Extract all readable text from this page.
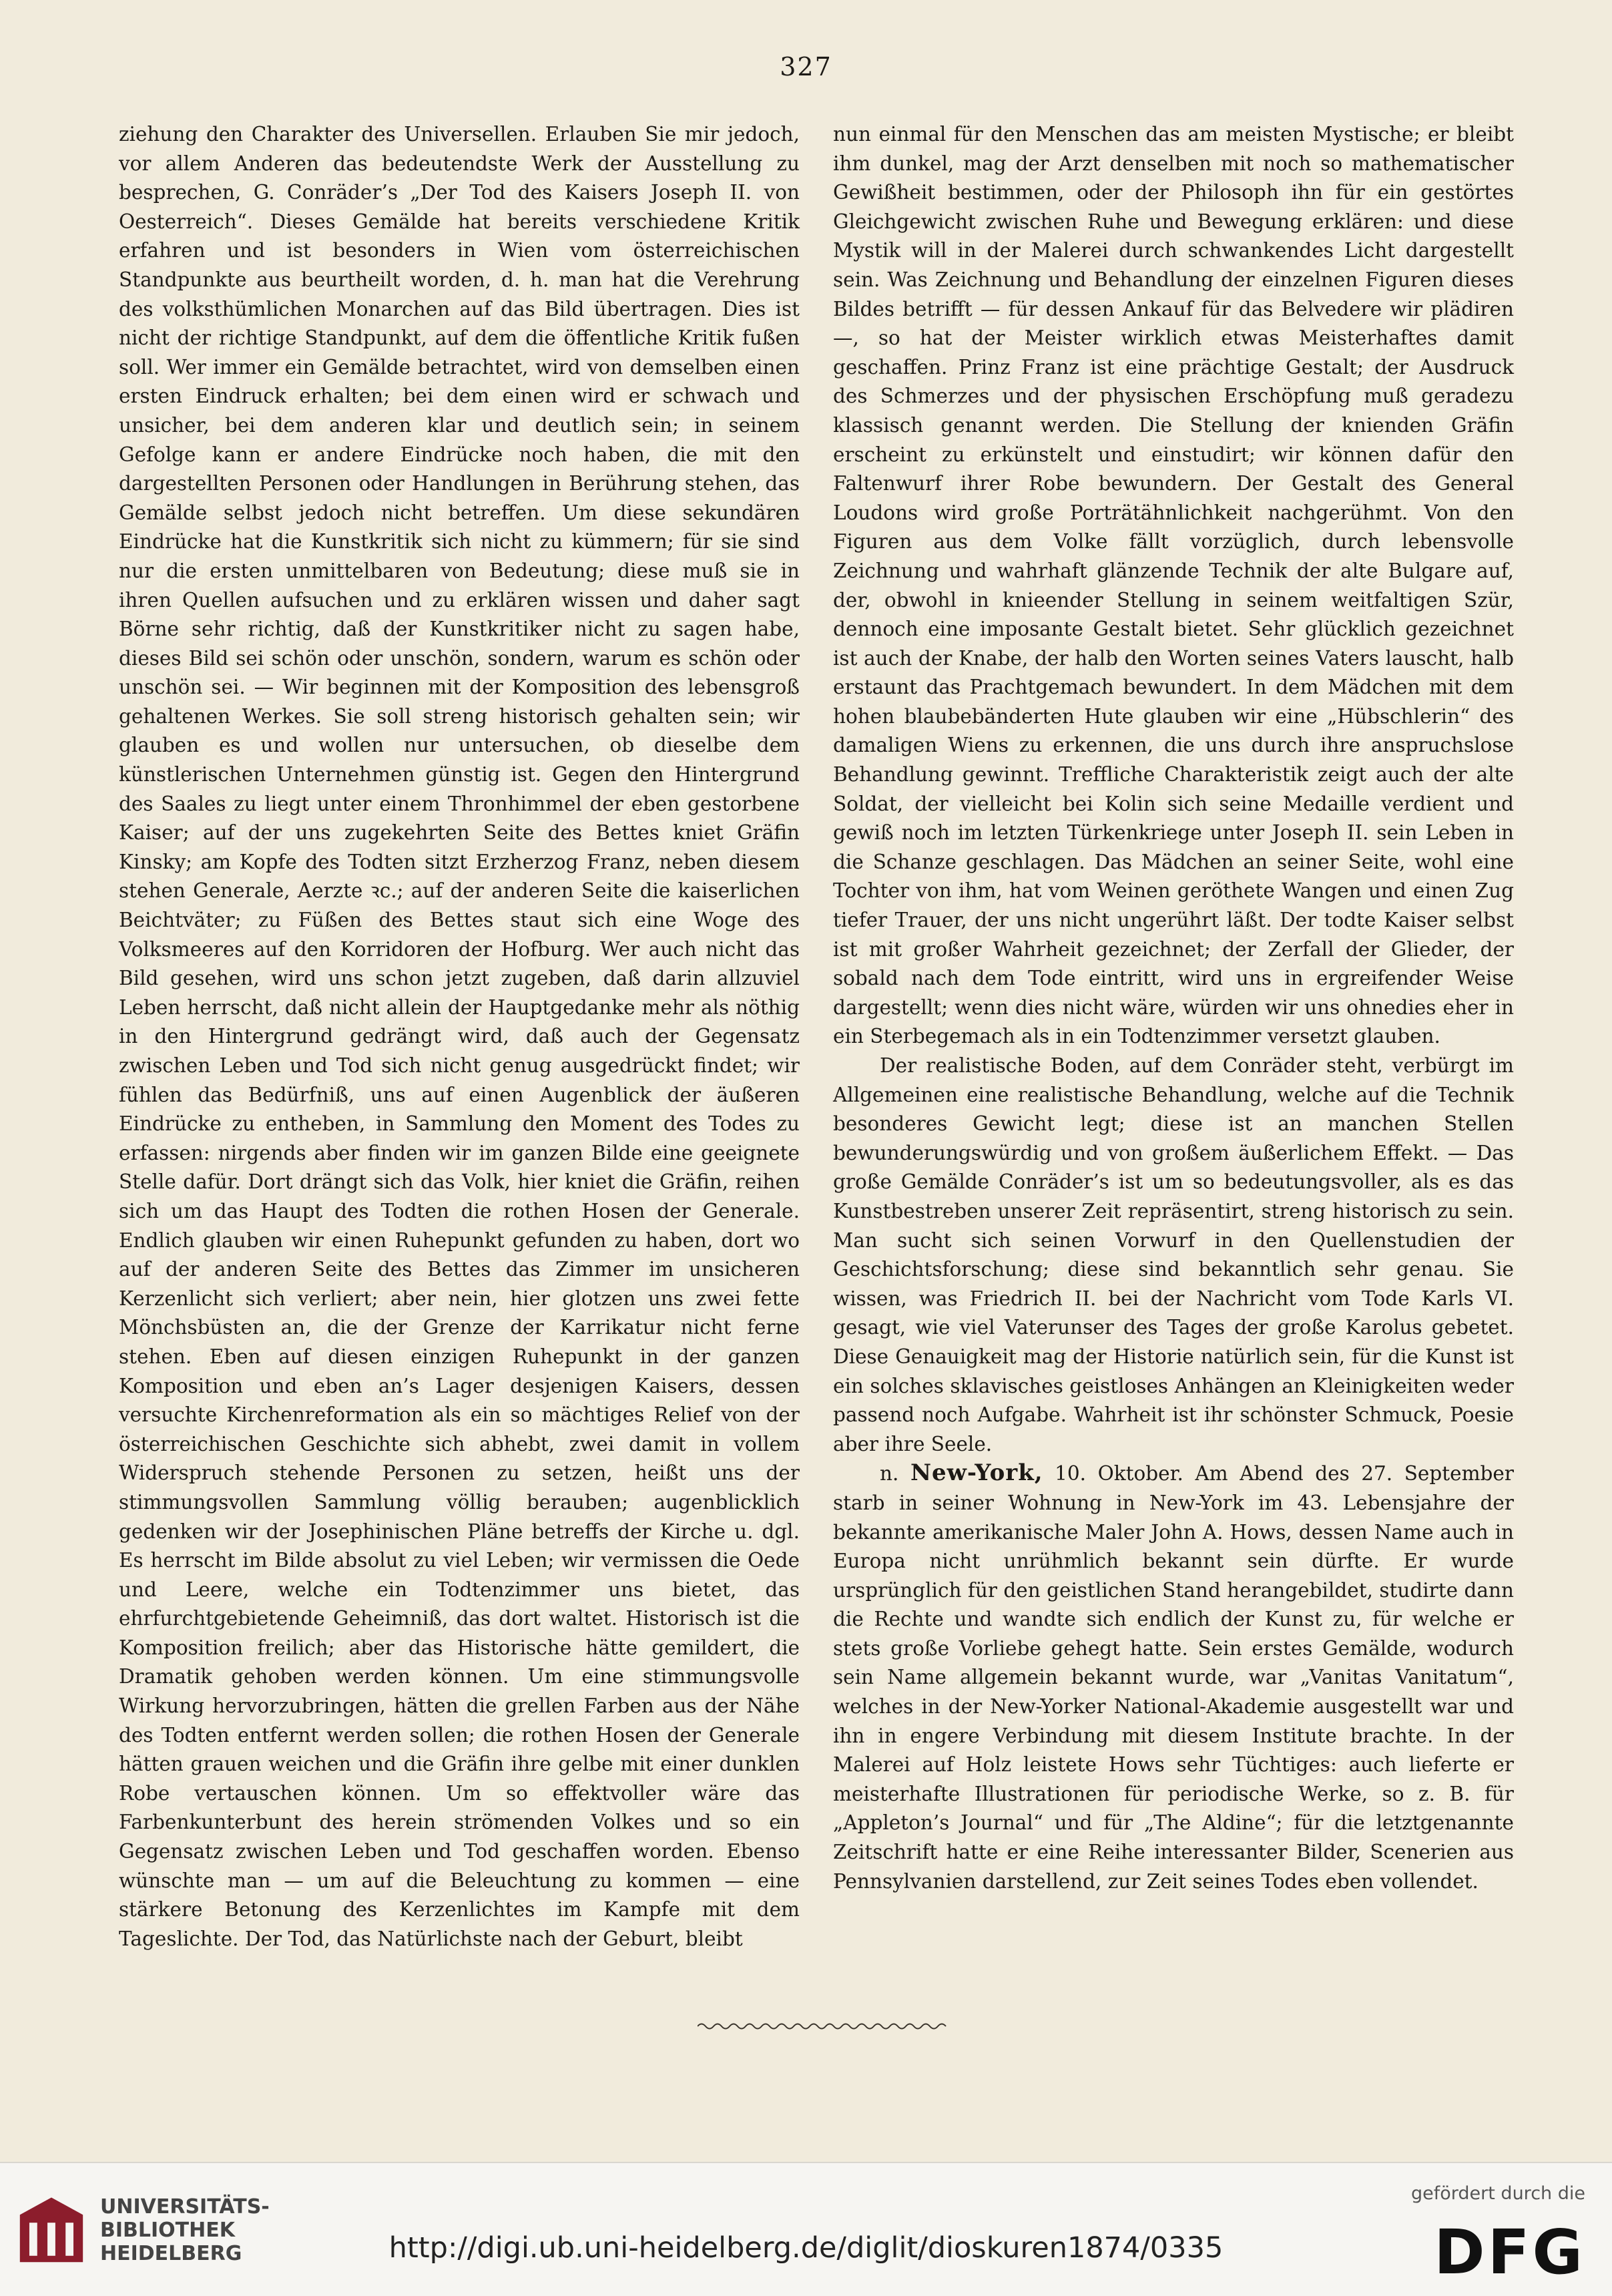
327

ziehung den Charakter des Universellen. Erlauben Sie mir jedoch, vor allem Anderen das bedeutendste Werk der Ausstellung zu besprechen, G. Conräder’s „Der Tod des Kaisers Joseph II. von Oesterreich“. Dieses Gemälde hat bereits verschiedene Kritik erfahren und ist besonders in Wien vom österreichischen Standpunkte aus beurtheilt worden, d. h. man hat die Verehrung des volksthümlichen Monarchen auf das Bild übertragen. Dies ist nicht der richtige Standpunkt, auf dem die öffentliche Kritik fußen soll. Wer immer ein Gemälde betrachtet, wird von demselben einen ersten Eindruck erhalten; bei dem einen wird er schwach und unsicher, bei dem anderen klar und deutlich sein; in seinem Gefolge kann er andere Eindrücke noch haben, die mit den dargestellten Personen oder Handlungen in Berührung stehen, das Gemälde selbst jedoch nicht betreffen. Um diese sekundären Eindrücke hat die Kunstkritik sich nicht zu kümmern; für sie sind nur die ersten unmittelbaren von Bedeutung; diese muß sie in ihren Quellen aufsuchen und zu erklären wissen und daher sagt Börne sehr richtig, daß der Kunstkritiker nicht zu sagen habe, dieses Bild sei schön oder unschön, sondern, warum es schön oder unschön sei. — Wir beginnen mit der Komposition des lebensgroß gehaltenen Werkes. Sie soll streng historisch gehalten sein; wir glauben es und wollen nur untersuchen, ob dieselbe dem künstlerischen Unternehmen günstig ist. Gegen den Hintergrund des Saales zu liegt unter einem Thronhimmel der eben gestorbene Kaiser; auf der uns zugekehrten Seite des Bettes kniet Gräfin Kinsky; am Kopfe des Todten sitzt Erzherzog Franz, neben diesem stehen Generale, Aerzte ꝛc.; auf der anderen Seite die kaiserlichen Beichtväter; zu Füßen des Bettes staut sich eine Woge des Volksmeeres auf den Korridoren der Hofburg. Wer auch nicht das Bild gesehen, wird uns schon jetzt zugeben, daß darin allzuviel Leben herrscht, daß nicht allein der Hauptgedanke mehr als nöthig in den Hintergrund gedrängt wird, daß auch der Gegensatz zwischen Leben und Tod sich nicht genug ausgedrückt findet; wir fühlen das Bedürfniß, uns auf einen Augenblick der äußeren Eindrücke zu entheben, in Sammlung den Moment des Todes zu erfassen: nirgends aber finden wir im ganzen Bilde eine geeignete Stelle dafür. Dort drängt sich das Volk, hier kniet die Gräfin, reihen sich um das Haupt des Todten die rothen Hosen der Generale. Endlich glauben wir einen Ruhepunkt gefunden zu haben, dort wo auf der anderen Seite des Bettes das Zimmer im unsicheren Kerzenlicht sich verliert; aber nein, hier glotzen uns zwei fette Mönchsbüsten an, die der Grenze der Karrikatur nicht ferne stehen. Eben auf diesen einzigen Ruhepunkt in der ganzen Komposition und eben an’s Lager desjenigen Kaisers, dessen versuchte Kirchenreformation als ein so mächtiges Relief von der österreichischen Geschichte sich abhebt, zwei damit in vollem Widerspruch stehende Personen zu setzen, heißt uns der stimmungsvollen Sammlung völlig berauben; augenblicklich gedenken wir der Josephinischen Pläne betreffs der Kirche u. dgl. Es herrscht im Bilde absolut zu viel Leben; wir vermissen die Oede und Leere, welche ein Todtenzimmer uns bietet, das ehrfurchtgebietende Geheimniß, das dort waltet. Historisch ist die Komposition freilich; aber das Historische hätte gemildert, die Dramatik gehoben werden können. Um eine stimmungsvolle Wirkung hervorzubringen, hätten die grellen Farben aus der Nähe des Todten entfernt werden sollen; die rothen Hosen der Generale hätten grauen weichen und die Gräfin ihre gelbe mit einer dunklen Robe vertauschen können. Um so effektvoller wäre das Farbenkunterbunt des herein strömenden Volkes und so ein Gegensatz zwischen Leben und Tod geschaffen worden. Ebenso wünschte man — um auf die Beleuchtung zu kommen — eine stärkere Betonung des Kerzenlichtes im Kampfe mit dem Tageslichte. Der Tod, das Natürlichste nach der Geburt, bleibt

nun einmal für den Menschen das am meisten Mystische; er bleibt ihm dunkel, mag der Arzt denselben mit noch so mathematischer Gewißheit bestimmen, oder der Philosoph ihn für ein gestörtes Gleichgewicht zwischen Ruhe und Bewegung erklären: und diese Mystik will in der Malerei durch schwankendes Licht dargestellt sein. Was Zeichnung und Behandlung der einzelnen Figuren dieses Bildes betrifft — für dessen Ankauf für das Belvedere wir plädiren —, so hat der Meister wirklich etwas Meisterhaftes damit geschaffen. Prinz Franz ist eine prächtige Gestalt; der Ausdruck des Schmerzes und der physischen Erschöpfung muß geradezu klassisch genannt werden. Die Stellung der knienden Gräfin erscheint zu erkünstelt und einstudirt; wir können dafür den Faltenwurf ihrer Robe bewundern. Der Gestalt des General Loudons wird große Porträtähnlichkeit nachgerühmt. Von den Figuren aus dem Volke fällt vorzüglich, durch lebensvolle Zeichnung und wahrhaft glänzende Technik der alte Bulgare auf, der, obwohl in knieender Stellung in seinem weitfaltigen Szür, dennoch eine imposante Gestalt bietet. Sehr glücklich gezeichnet ist auch der Knabe, der halb den Worten seines Vaters lauscht, halb erstaunt das Prachtgemach bewundert. In dem Mädchen mit dem hohen blaubebänderten Hute glauben wir eine „Hübschlerin“ des damaligen Wiens zu erkennen, die uns durch ihre anspruchslose Behandlung gewinnt. Treffliche Charakteristik zeigt auch der alte Soldat, der vielleicht bei Kolin sich seine Medaille verdient und gewiß noch im letzten Türkenkriege unter Joseph II. sein Leben in die Schanze geschlagen. Das Mädchen an seiner Seite, wohl eine Tochter von ihm, hat vom Weinen geröthete Wangen und einen Zug tiefer Trauer, der uns nicht ungerührt läßt. Der todte Kaiser selbst ist mit großer Wahrheit gezeichnet; der Zerfall der Glieder, der sobald nach dem Tode eintritt, wird uns in ergreifender Weise dargestellt; wenn dies nicht wäre, würden wir uns ohnedies eher in ein Sterbegemach als in ein Todtenzimmer versetzt glauben.

Der realistische Boden, auf dem Conräder steht, verbürgt im Allgemeinen eine realistische Behandlung, welche auf die Technik besonderes Gewicht legt; diese ist an manchen Stellen bewunderungswürdig und von großem äußerlichem Effekt. — Das große Gemälde Conräder’s ist um so bedeutungsvoller, als es das Kunstbestreben unserer Zeit repräsentirt, streng historisch zu sein. Man sucht sich seinen Vorwurf in den Quellenstudien der Geschichtsforschung; diese sind bekanntlich sehr genau. Sie wissen, was Friedrich II. bei der Nachricht vom Tode Karls VI. gesagt, wie viel Vaterunser des Tages der große Karolus gebetet. Diese Genauigkeit mag der Historie natürlich sein, für die Kunst ist ein solches sklavisches geistloses Anhängen an Kleinigkeiten weder passend noch Aufgabe. Wahrheit ist ihr schönster Schmuck, Poesie aber ihre Seele.

n. New-York, 10. Oktober. Am Abend des 27. September starb in seiner Wohnung in New-York im 43. Lebensjahre der bekannte amerikanische Maler John A. Hows, dessen Name auch in Europa nicht unrühmlich bekannt sein dürfte. Er wurde ursprünglich für den geistlichen Stand herangebildet, studirte dann die Rechte und wandte sich endlich der Kunst zu, für welche er stets große Vorliebe gehegt hatte. Sein erstes Gemälde, wodurch sein Name allgemein bekannt wurde, war „Vanitas Vanitatum“, welches in der New-Yorker National-Akademie ausgestellt war und ihn in engere Verbindung mit diesem Institute brachte. In der Malerei auf Holz leistete Hows sehr Tüchtiges: auch lieferte er meisterhafte Illustrationen für periodische Werke, so z. B. für „Appleton’s Journal“ und für „The Aldine“; für die letztgenannte Zeitschrift hatte er eine Reihe interessanter Bilder, Scenerien aus Pennsylvanien darstellend, zur Zeit seines Todes eben vollendet.

UNIVERSITÄTS-
BIBLIOTHEK
HEIDELBERG	http://digi.ub.uni-heidelberg.de/diglit/dioskuren1874/0335
gefördert durch die
DFG
